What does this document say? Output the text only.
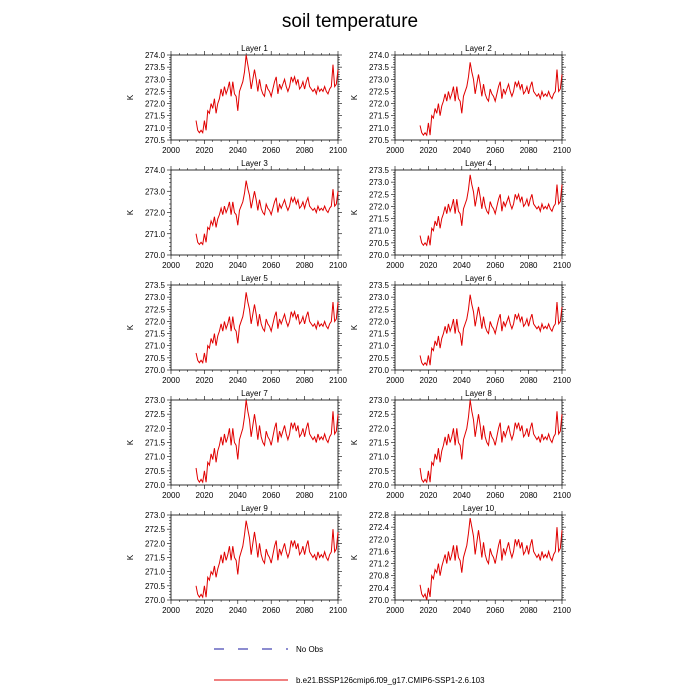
soil temperature
Layer 1
2000 2020 2040 2060 2080 2100
270.5
271.0
271.5
272.0
272.5
273.0
273.5
274.0
K
Layer 2
2000 2020 2040 2060 2080 2100
270.5
271.0
271.5
272.0
272.5
273.0
273.5
274.0
K
Layer 3
2000 2020 2040 2060 2080 2100
270.0
271.0
272.0
273.0
274.0
K
Layer 4
2000 2020 2040 2060 2080 2100
270.0
270.5
271.0
271.5
272.0
272.5
273.0
273.5
K
Layer 5
2000 2020 2040 2060 2080 2100
270.0
270.5
271.0
271.5
272.0
272.5
273.0
273.5
K
Layer 6
2000 2020 2040 2060 2080 2100
270.0
270.5
271.0
271.5
272.0
272.5
273.0
273.5
K
Layer 7
2000 2020 2040 2060 2080 2100
270.0
270.5
271.0
271.5
272.0
272.5
273.0
K
Layer 8
2000 2020 2040 2060 2080 2100
270.0
270.5
271.0
271.5
272.0
272.5
273.0
K
Layer 9
2000 2020 2040 2060 2080 2100
270.0
270.5
271.0
271.5
272.0
272.5
273.0
K
Layer 10
2000 2020 2040 2060 2080 2100
270.0
270.4
270.8
271.2
271.6
272.0
272.4
272.8
K
No Obs
b.e21.BSSP126cmip6.f09_g17.CMIP6-SSP1-2.6.103
